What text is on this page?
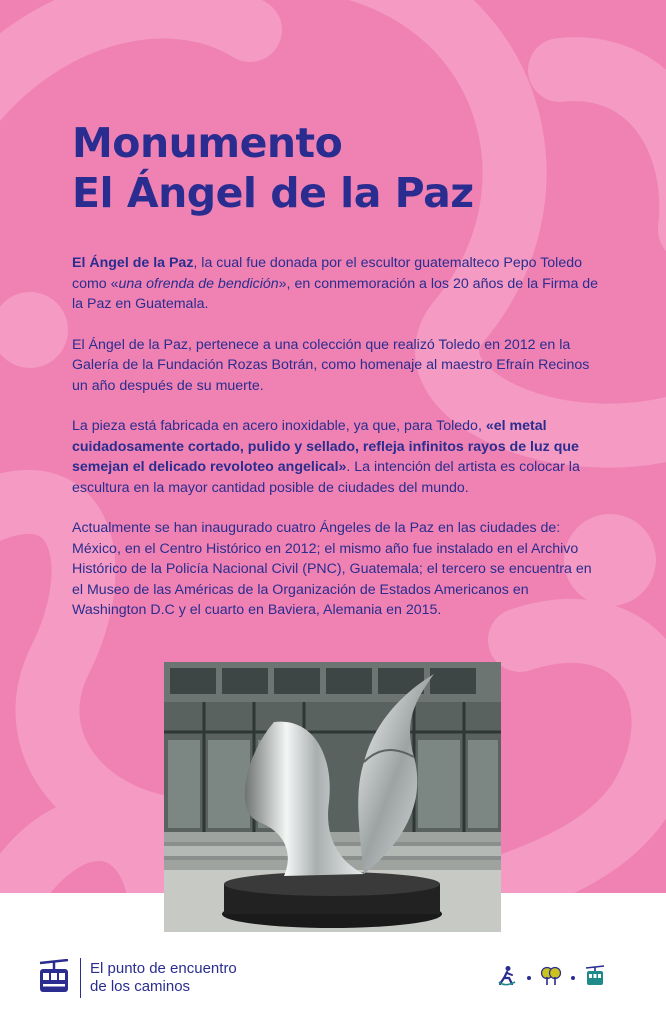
Monumento
El Ángel de la Paz

El Ángel de la Paz, la cual fue donada por el escultor guatemalteco Pepo Toledo como «una ofrenda de bendición», en conmemoración a los 20 años de la Firma de la Paz en Guatemala.

El Ángel de la Paz, pertenece a una colección que realizó Toledo en 2012 en la Galería de la Fundación Rozas Botrán, como homenaje al maestro Efraín Recinos un año después de su muerte.

La pieza está fabricada en acero inoxidable, ya que, para Toledo, «el metal cuidadosamente cortado, pulido y sellado, refleja infinitos rayos de luz que semejan el delicado revoloteo angelical». La intención del artista es colocar la escultura en la mayor cantidad posible de ciudades del mundo.

Actualmente se han inaugurado cuatro Ángeles de la Paz en las ciudades de: México, en el Centro Histórico en 2012; el mismo año fue instalado en el Archivo Histórico de la Policía Nacional Civil (PNC), Guatemala; el tercero se encuentra en el Museo de las Américas de la Organización de Estados Americanos en Washington D.C y el cuarto en Baviera, Alemania en 2015.

El punto de encuentro
de los caminos
